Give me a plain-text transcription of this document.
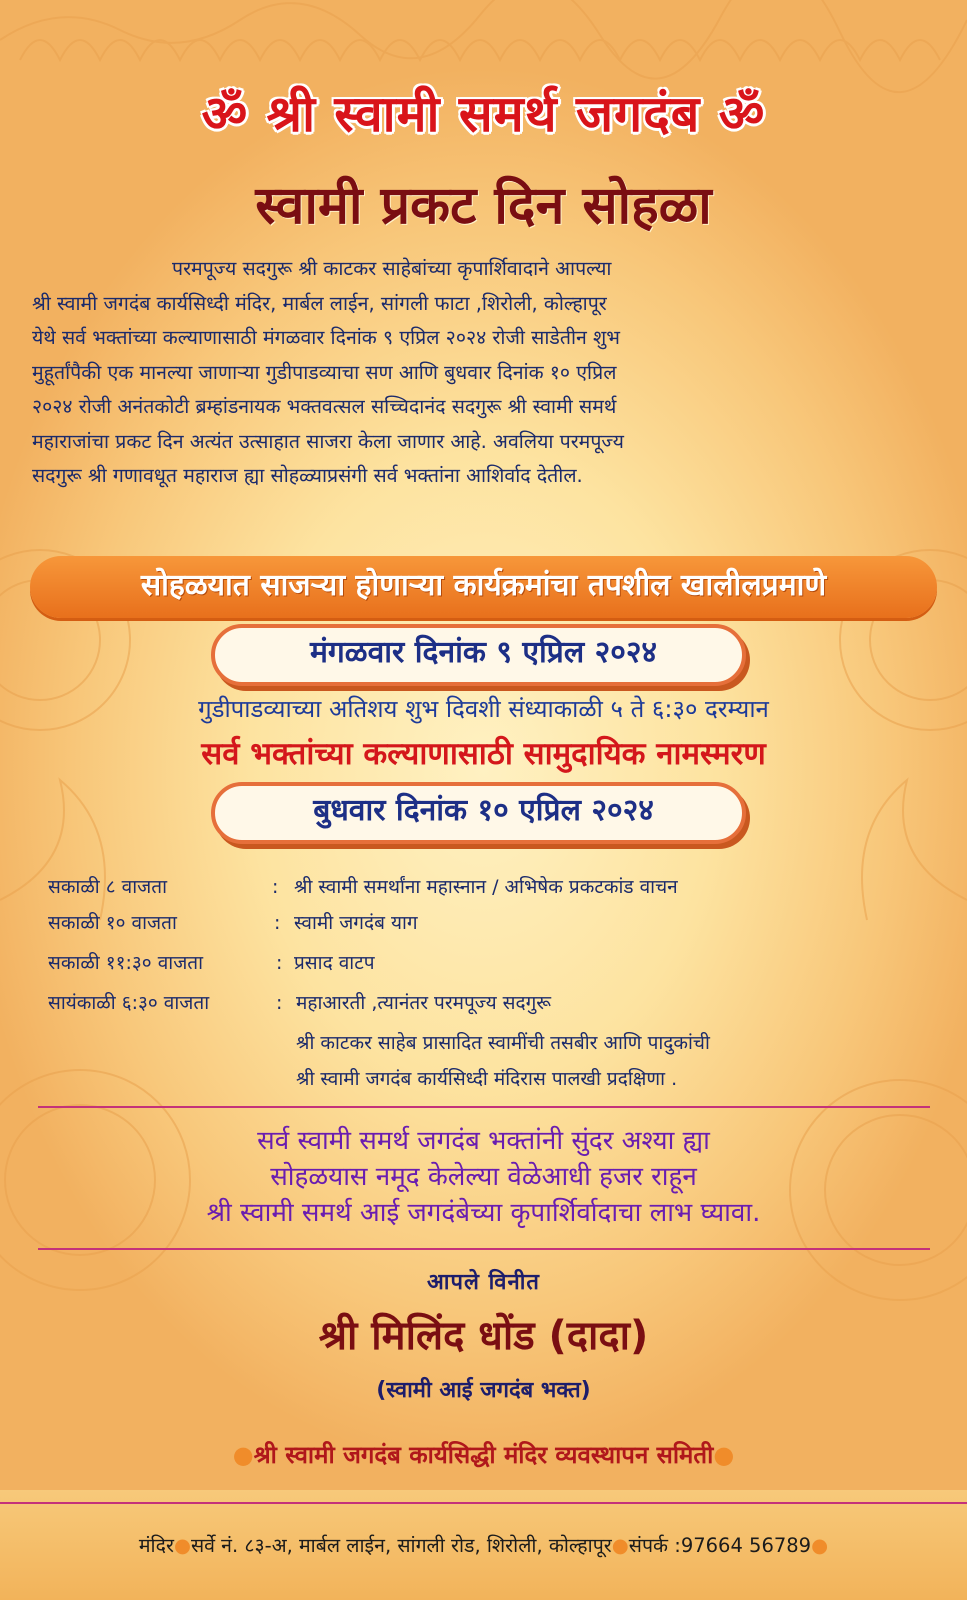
ॐ श्री स्वामी समर्थ जगदंब ॐ
स्वामी प्रकट दिन सोहळा
परमपूज्य सदगुरू श्री काटकर साहेबांच्या कृपार्शिवादाने आपल्या
श्री स्वामी जगदंब कार्यसिध्दी मंदिर, मार्बल लाईन, सांगली फाटा ,शिरोली, कोल्हापूर
येथे सर्व भक्तांच्या कल्याणासाठी मंगळवार दिनांक ९ एप्रिल २०२४ रोजी साडेतीन शुभ
मुहूर्तांपैकी एक मानल्या जाणाऱ्या गुडीपाडव्याचा सण आणि बुधवार दिनांक १० एप्रिल
२०२४ रोजी अनंतकोटी ब्रम्हांडनायक भक्तवत्सल सच्चिदानंद सदगुरू श्री स्वामी समर्थ
महाराजांचा प्रकट दिन अत्यंत उत्साहात साजरा केला जाणार आहे. अवलिया परमपूज्य
सदगुरू श्री गणावधूत महाराज ह्या सोहळ्याप्रसंगी सर्व भक्तांना आशिर्वाद देतील.
सोहळयात साजऱ्या होणाऱ्या कार्यक्रमांचा तपशील खालीलप्रमाणे
मंगळवार दिनांक ९ एप्रिल २०२४
गुडीपाडव्याच्या अतिशय शुभ दिवशी संध्याकाळी ५ ते ६:३० दरम्यान
सर्व भक्तांच्या कल्याणासाठी सामुदायिक नामस्मरण
बुधवार दिनांक १० एप्रिल २०२४
सकाळी ८ वाजता	: श्री स्वामी समर्थांना महास्नान / अभिषेक प्रकटकांड वाचन
सकाळी १० वाजता	: स्वामी जगदंब याग
सकाळी ११:३० वाजता	: प्रसाद वाटप
सायंकाळी ६:३० वाजता	: महाआरती ,त्यानंतर परमपूज्य सदगुरू
श्री काटकर साहेब प्रासादित स्वामींची तसबीर आणि पादुकांची
श्री स्वामी जगदंब कार्यसिध्दी मंदिरास पालखी प्रदक्षिणा .
सर्व स्वामी समर्थ जगदंब भक्तांनी सुंदर अश्या ह्या
सोहळयास नमूद केलेल्या वेळेआधी हजर राहून
श्री स्वामी समर्थ आई जगदंबेच्या कृपार्शिर्वादाचा लाभ घ्यावा.
आपले विनीत
श्री मिलिंद धोंड (दादा)
(स्वामी आई जगदंब भक्त)
●श्री स्वामी जगदंब कार्यसिद्धी मंदिर व्यवस्थापन समिती●
मंदिर●सर्वे नं. ८३-अ, मार्बल लाईन, सांगली रोड, शिरोली, कोल्हापूर●संपर्क :97664 56789●
